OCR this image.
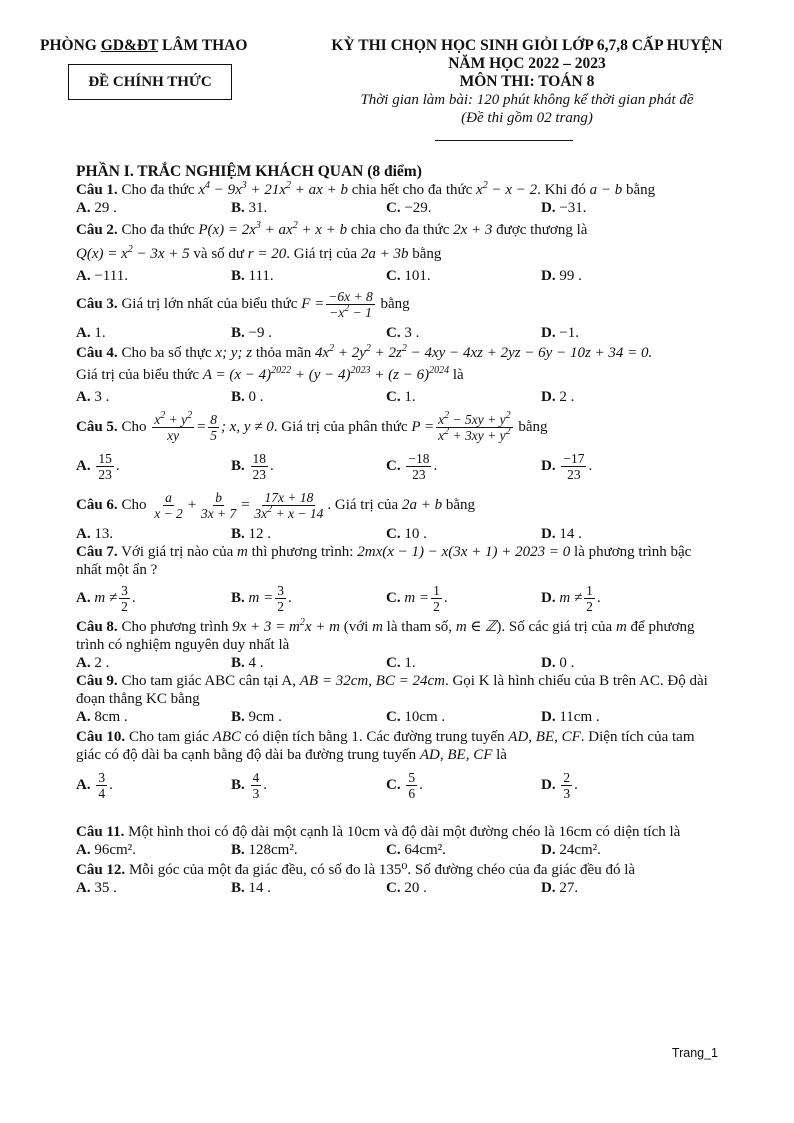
PHÒNG GD&ĐT LÂM THAO
ĐỀ CHÍNH THỨC
KỲ THI CHỌN HỌC SINH GIỎI LỚP 6,7,8 CẤP HUYỆN
NĂM HỌC 2022 – 2023
MÔN THI: TOÁN 8
Thời gian làm bài: 120 phút không kể thời gian phát đề
(Đề thi gồm 02 trang)
PHẦN I. TRẮC NGHIỆM KHÁCH QUAN (8 điểm)

Câu 1. Cho đa thức $x^4 - 9x^3 + 21x^2$ + ax + b chia hết cho đa thức $x^2 - x - 2$. Khi đó a − b bằng

A. 29 .	B. 31.	C. −29.	D. −31.

Câu 2. Cho đa thức $P(x) = 2x^3 + ax^2 + x + b$ chia cho đa thức 2x + 3 được thương là

$Q(x) = x^2 - 3x + 5$ và số dư r = 20. Giá trị của 2a + 3b bằng

A. −111.	B. 111.	C. 101.	D. 99 .

Câu 3. Giá trị lớn nhất của biểu thức $F = \frac{-6x + 8}{-x^2 - 1}$ bằng

A. 1.	B. −9 .	C. 3 .	D. −1.

Câu 4. Cho ba số thực x; y; z thỏa mãn $4x^2 + 2y^2 + 2z^2 - 4xy - 4xz + 2yz - 6y - 10z + 34 = 0$.

Giá trị của biểu thức $A = (x - 4)^{2022} + (y - 4)^{2023} + (z - 6)^{2024}$ là

A. 3 .	B. 0 .	C. 1.	D. 2 .

Câu 5. Cho $\frac{x^2 + y^2}{xy} = \frac{8}{5}$ ; x, y ≠ 0. Giá trị của phân thức $P = \frac{x^2 - 5xy + y^2}{x^2 + 3xy + y^2}$ bằng

A. $\frac{15}{23}$ .	B. $\frac{18}{23}$ .	C. $\frac{-18}{23}$ .	D. $\frac{-17}{23}$ .

Câu 6. Cho $\frac{a}{x - 2} + \frac{b}{3x + 7} = \frac{17x + 18}{3x^2 + x - 14}$ . Giá trị của 2a + b bằng

A. 13.	B. 12 .	C. 10 .	D. 14 .

Câu 7. Với giá trị nào của m thì phương trình: 2mx(x − 1) − x(3x + 1) + 2023 = 0 là phương trình bậc nhất một ẩn ?

A. $m \ne \frac{3}{2}$ .	B. $m = \frac{3}{2}$ .	C. $m = \frac{1}{2}$ .	D. $m \ne \frac{1}{2}$ .

Câu 8. Cho phương trình $9x + 3 = m^2x + m$ (với m là tham số, m ∈ ℤ). Số các giá trị của m để phương trình có nghiệm nguyên duy nhất là

A. 2 .	B. 4 .	C. 1.	D. 0 .

Câu 9. Cho tam giác ABC cân tại A, AB = 32cm, BC = 24cm. Gọi K là hình chiếu của B trên AC. Độ dài đoạn thẳng KC bằng

A. 8cm .	B. 9cm .	C. 10cm .	D. 11cm .

Câu 10. Cho tam giác ABC có diện tích bằng 1. Các đường trung tuyến AD, BE, CF. Diện tích của tam giác có độ dài ba cạnh bằng độ dài ba đường trung tuyến AD, BE, CF là

A. $\frac{3}{4}$ .	B. $\frac{4}{3}$ .	C. $\frac{5}{6}$ .	D. $\frac{2}{3}$ .

Câu 11. Một hình thoi có độ dài một cạnh là 10cm và độ dài một đường chéo là 16cm có diện tích là

A. 96cm².	B. 128cm².	C. 64cm².	D. 24cm².

Câu 12. Mỗi góc của một đa giác đều, có số đo là 135⁰. Số đường chéo của đa giác đều đó là

A. 35 .	B. 14 .	C. 20 .	D. 27.
Trang_1
